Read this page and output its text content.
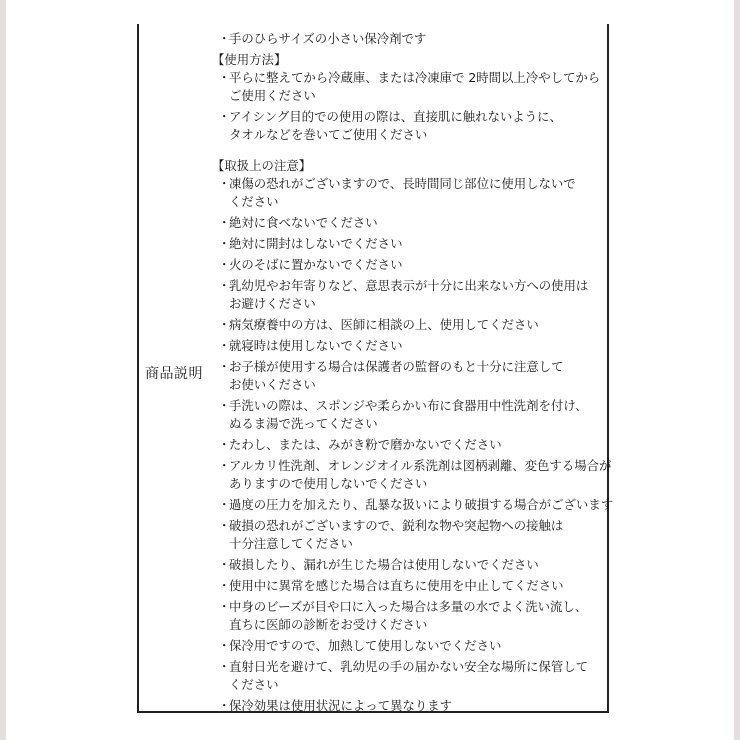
商品説明
・
手のひらサイズの小さい保冷剤です
【使用方法】
・
平らに整えてから冷蔵庫、または冷凍庫で 2時間以上冷やしてから
ご使用ください
・
アイシング目的での使用の際は、直接肌に触れないように、
タオルなどを巻いてご使用ください
【取扱上の注意】
・
凍傷の恐れがございますので、長時間同じ部位に使用しないで
ください
・
絶対に食べないでください
・
絶対に開封はしないでください
・
火のそばに置かないでください
・
乳幼児やお年寄りなど、意思表示が十分に出来ない方への使用は
お避けください
・
病気療養中の方は、医師に相談の上、使用してください
・
就寝時は使用しないでください
・
お子様が使用する場合は保護者の監督のもと十分に注意して
お使いください
・
手洗いの際は、スポンジや柔らかい布に食器用中性洗剤を付け、
ぬるま湯で洗ってください
・
たわし、または、みがき粉で磨かないでください
・
アルカリ性洗剤、オレンジオイル系洗剤は図柄剥離、変色する場合が
ありますので使用しないでください
・
過度の圧力を加えたり、乱暴な扱いにより破損する場合がございます
・
破損の恐れがございますので、鋭利な物や突起物への接触は
十分注意してください
・
破損したり、漏れが生じた場合は使用しないでください
・
使用中に異常を感じた場合は直ちに使用を中止してください
・
中身のビーズが目や口に入った場合は多量の水でよく洗い流し、
直ちに医師の診断をお受けください
・
保冷用ですので、加熱して使用しないでください
・
直射日光を避けて、乳幼児の手の届かない安全な場所に保管して
ください
・
保冷効果は使用状況によって異なります
